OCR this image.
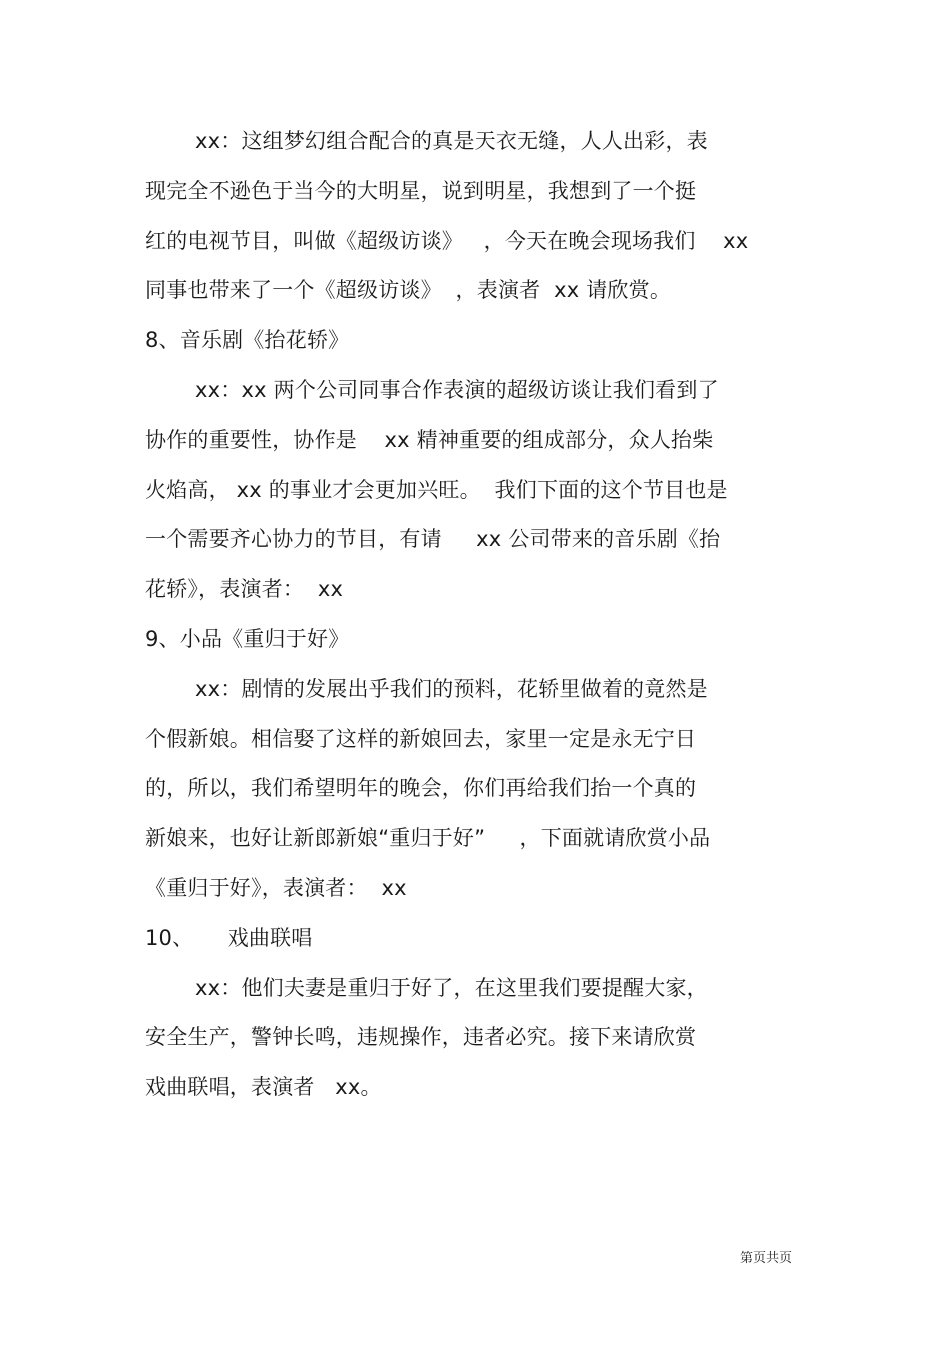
xx：这组梦幻组合配合的真是天衣无缝，人人出彩，表
现完全不逊色于当今的大明星，说到明星，我想到了一个挺
红的电视节目，叫做《超级访谈》   ，今天在晚会现场我们    xx
同事也带来了一个《超级访谈》  ，表演者  xx 请欣赏。
8、音乐剧《抬花轿》
xx：xx 两个公司同事合作表演的超级访谈让我们看到了
协作的重要性，协作是    xx 精神重要的组成部分，众人抬柴
火焰高， xx 的事业才会更加兴旺。  我们下面的这个节目也是
一个需要齐心协力的节目，有请     xx 公司带来的音乐剧《抬
花轿》，表演者：  xx
9、小品《重归于好》
xx：剧情的发展出乎我们的预料，花轿里做着的竟然是
个假新娘。相信娶了这样的新娘回去，家里一定是永无宁日
的，所以，我们希望明年的晚会，你们再给我们抬一个真的
新娘来，也好让新郎新娘“重归于好”     ，下面就请欣赏小品
《重归于好》，表演者：  xx
10、     戏曲联唱
xx：他们夫妻是重归于好了，在这里我们要提醒大家，
安全生产，警钟长鸣，违规操作，违者必究。接下来请欣赏
戏曲联唱，表演者   xx。
第页共页
